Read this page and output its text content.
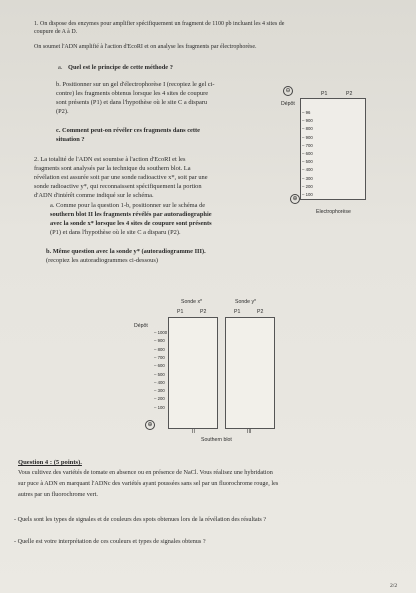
1. On dispose des enzymes pour amplifier spécifiquement un fragment de 1100 pb incluant les 4 sites de
coupure de A à D.
On soumet l'ADN amplifié à l'action d'EcoRI et on analyse les fragments par électrophorèse.
a. Quel est le principe de cette méthode ?
b. Positionner sur un gel d'électrophorèse I (recopiez le gel ci-
contre) les fragments obtenus lorsque les 4 sites de coupure
sont présents (P1) et dans l'hypothèse où le site C a disparu
(P2).
c. Comment peut-on révéler ces fragments dans cette
situation ?
2. La totalité de l'ADN est soumise à l'action d'EcoRI et les
fragments sont analysés par la technique du southern blot. La
révélation est assurée soit par une sonde radioactive x*, soit par une
sonde radioactive y*, qui reconnaissent spécifiquement la portion
d'ADN d'intérêt comme indiqué sur le schéma.
a. Comme pour la question 1-b, positionner sur le schéma de
southern blot II les fragments révélés par autoradiographie
avec la sonde x* lorsque les 4 sites de coupure sont présents
(P1) et dans l'hypothèse où le site C a disparu (P2).
b. Même question avec la sonde y* (autoradiogramme III).
(recopiez les autoradiogrammes ci-dessous)
⊖	P1	P2
Dépôt
– 96
– 900
– 800
– 900
– 700
– 600
– 500
– 400
– 300
– 200
– 100
⊕
Electrophorèse
Sonde x*	Sonde y*
P1	P2	P1	P2
Dépôt
– 1000
– 900
– 800
– 700
– 600
– 500
– 400
– 300
– 200
– 100
⊕
II	III
Southern blot
Question 4 : (5 points).
Vous cultivez des variétés de tomate en absence ou en présence de NaCl. Vous réalisez une hybridation
sur puce à ADN en marquant l'ADNc des variétés ayant poussées sans sel par un fluorochrome rouge, les
autres par un fluorochrome vert.
- Quels sont les types de signales et de couleurs des spots obtenues lors de la révélation des résultats ?
- Quelle est votre interprétation de ces couleurs et types de signales obtenus ?
2/2
